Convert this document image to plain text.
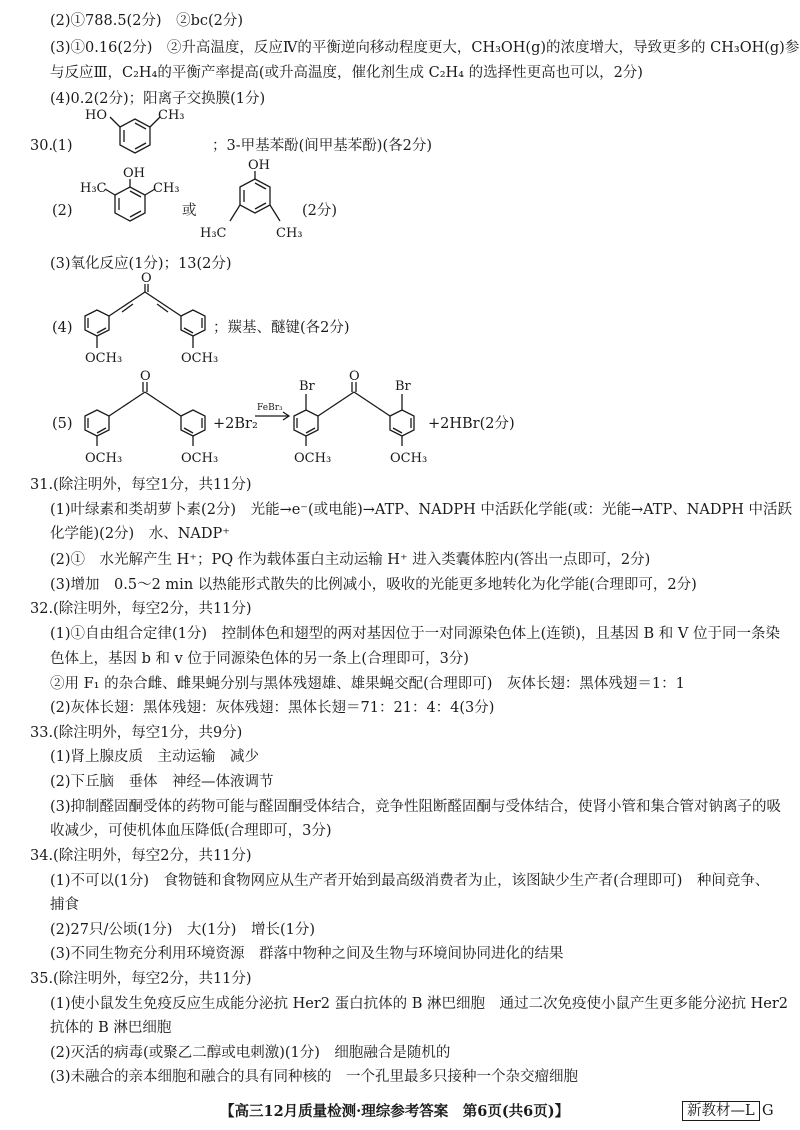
(2)①788.5(2分)　②bc(2分)
(3)①0.16(2分)　②升高温度，反应Ⅳ的平衡逆向移动程度更大，CH₃OH(g)的浓度增大，导致更多的 CH₃OH(g)参
与反应Ⅲ，C₂H₄的平衡产率提高(或升高温度，催化剂生成 C₂H₄ 的选择性更高也可以，2分)
(4)0.2(2分)；阳离子交换膜(1分)
30.
(1)
HO	CH₃
；3-甲基苯酚(间甲基苯酚)(各2分)
(2)
OH
H₃C	CH₃
或
OH
H₃C	CH₃
(2分)
(3)氧化反应(1分)；13(2分)
(4)
O
OCH₃	OCH₃
；羰基、醚键(各2分)
(5)
O
OCH₃	OCH₃
+2Br₂
FeBr₃
Br
O
Br
OCH₃	OCH₃
+2HBr(2分)
31.(除注明外，每空1分，共11分)
(1)叶绿素和类胡萝卜素(2分)　光能→e⁻(或电能)→ATP、NADPH 中活跃化学能(或：光能→ATP、NADPH 中活跃
化学能)(2分)　水、NADP⁺
(2)①　水光解产生 H⁺；PQ 作为载体蛋白主动运输 H⁺ 进入类囊体腔内(答出一点即可，2分)
(3)增加　0.5～2 min 以热能形式散失的比例减小，吸收的光能更多地转化为化学能(合理即可，2分)
32.(除注明外，每空2分，共11分)
(1)①自由组合定律(1分)　控制体色和翅型的两对基因位于一对同源染色体上(连锁)，且基因 B 和 V 位于同一条染
色体上，基因 b 和 v 位于同源染色体的另一条上(合理即可，3分)
②用 F₁ 的杂合雌、雌果蝇分别与黑体残翅雄、雄果蝇交配(合理即可)　灰体长翅：黑体残翅＝1：1
(2)灰体长翅：黑体残翅：灰体残翅：黑体长翅＝71：21：4：4(3分)
33.(除注明外，每空1分，共9分)
(1)肾上腺皮质　主动运输　减少
(2)下丘脑　垂体　神经—体液调节
(3)抑制醛固酮受体的药物可能与醛固酮受体结合，竞争性阻断醛固酮与受体结合，使肾小管和集合管对钠离子的吸
收减少，可使机体血压降低(合理即可，3分)
34.(除注明外，每空2分，共11分)
(1)不可以(1分)　食物链和食物网应从生产者开始到最高级消费者为止，该图缺少生产者(合理即可)　种间竞争、
捕食
(2)27只/公顷(1分)　大(1分)　增长(1分)
(3)不同生物充分利用环境资源　群落中物种之间及生物与环境间协同进化的结果
35.(除注明外，每空2分，共11分)
(1)使小鼠发生免疫反应生成能分泌抗 Her2 蛋白抗体的 B 淋巴细胞　通过二次免疫使小鼠产生更多能分泌抗 Her2
抗体的 B 淋巴细胞
(2)灭活的病毒(或聚乙二醇或电刺激)(1分)　细胞融合是随机的
(3)未融合的亲本细胞和融合的具有同种核的　一个孔里最多只接种一个杂交瘤细胞
【高三12月质量检测·理综参考答案　第6页(共6页)】	新教材—L G
